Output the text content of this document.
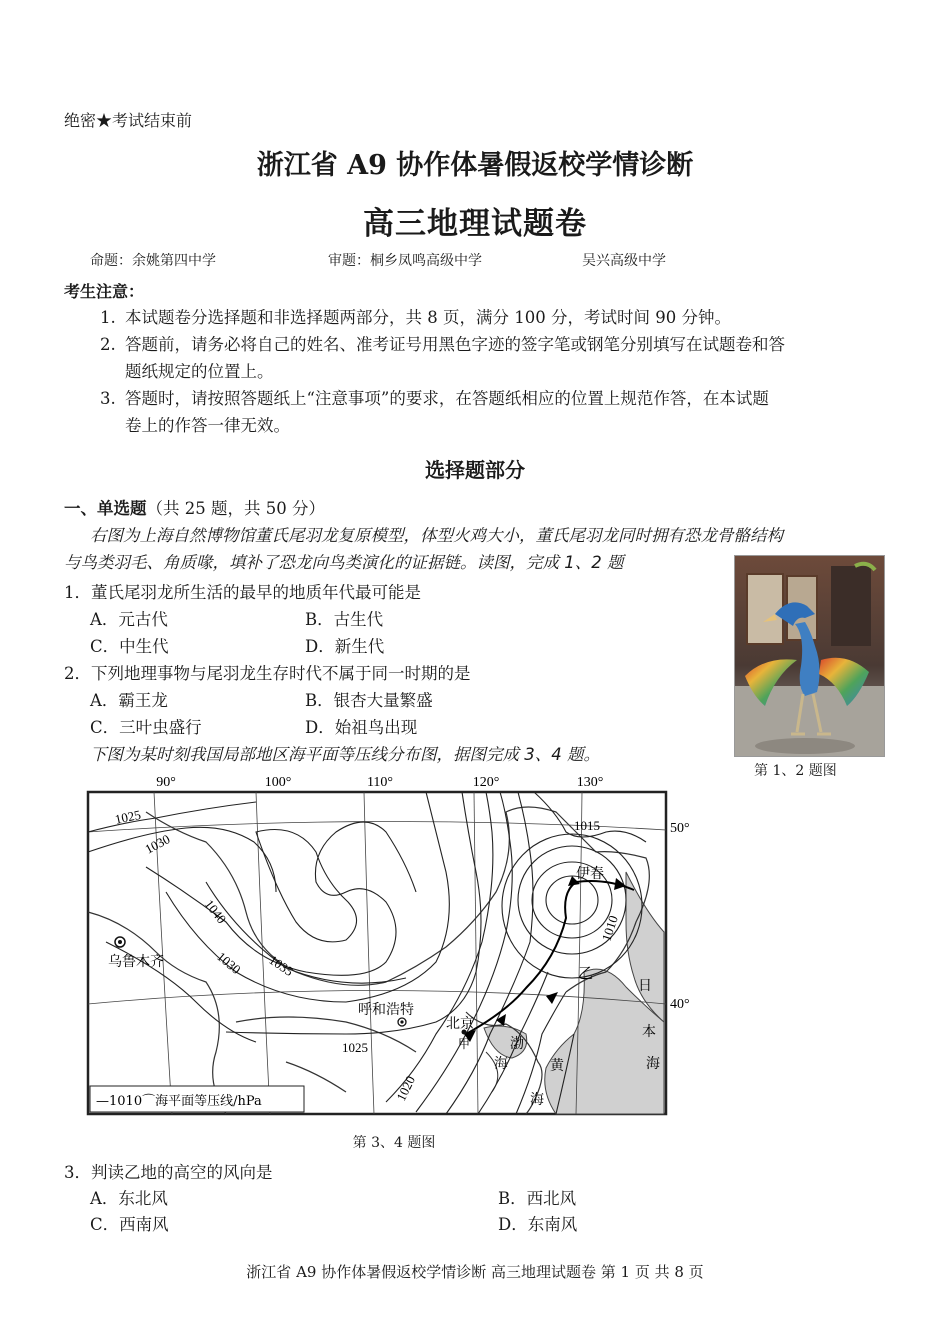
绝密★考试结束前
浙江省 A9 协作体暑假返校学情诊断
高三地理试题卷
命题：余姚第四中学	审题：桐乡凤鸣高级中学	吴兴高级中学
考生注意：
1. 本试题卷分选择题和非选择题两部分，共 8 页，满分 100 分，考试时间 90 分钟。
2. 答题前，请务必将自己的姓名、准考证号用黑色字迹的签字笔或钢笔分别填写在试题卷和答
题纸规定的位置上。
3. 答题时，请按照答题纸上“注意事项”的要求，在答题纸相应的位置上规范作答，在本试题
卷上的作答一律无效。
选择题部分
一、单选题（共 25 题，共 50 分）
右图为上海自然博物馆董氏尾羽龙复原模型，体型火鸡大小，董氏尾羽龙同时拥有恐龙骨骼结构
与鸟类羽毛、角质喙，填补了恐龙向鸟类演化的证据链。读图，完成 1、2 题
1．董氏尾羽龙所生活的最早的地质年代最可能是
A．元古代	B．古生代
C．中生代	D．新生代
2．下列地理事物与尾羽龙生存时代不属于同一时期的是
A．霸王龙	B．银杏大量繁盛
C．三叶虫盛行	D．始祖鸟出现
下图为某时刻我国局部地区海平面等压线分布图，据图完成 3、4 题。
第 1、2 题图
90°	100°	110°	120°	130°
50°
40°
1025
1030
1040
1030 1035
1015
1010
1025
1020
乌鲁木齐
呼和浩特
北京
伊春
甲
乙
渤
海	黄
海
日
本
海
—1010⌒海平面等压线/hPa
第 3、4 题图
3．判读乙地的高空的风向是
A．东北风	B．西北风
C．西南风	D．东南风
浙江省 A9 协作体暑假返校学情诊断 高三地理试题卷 第 1 页 共 8 页
